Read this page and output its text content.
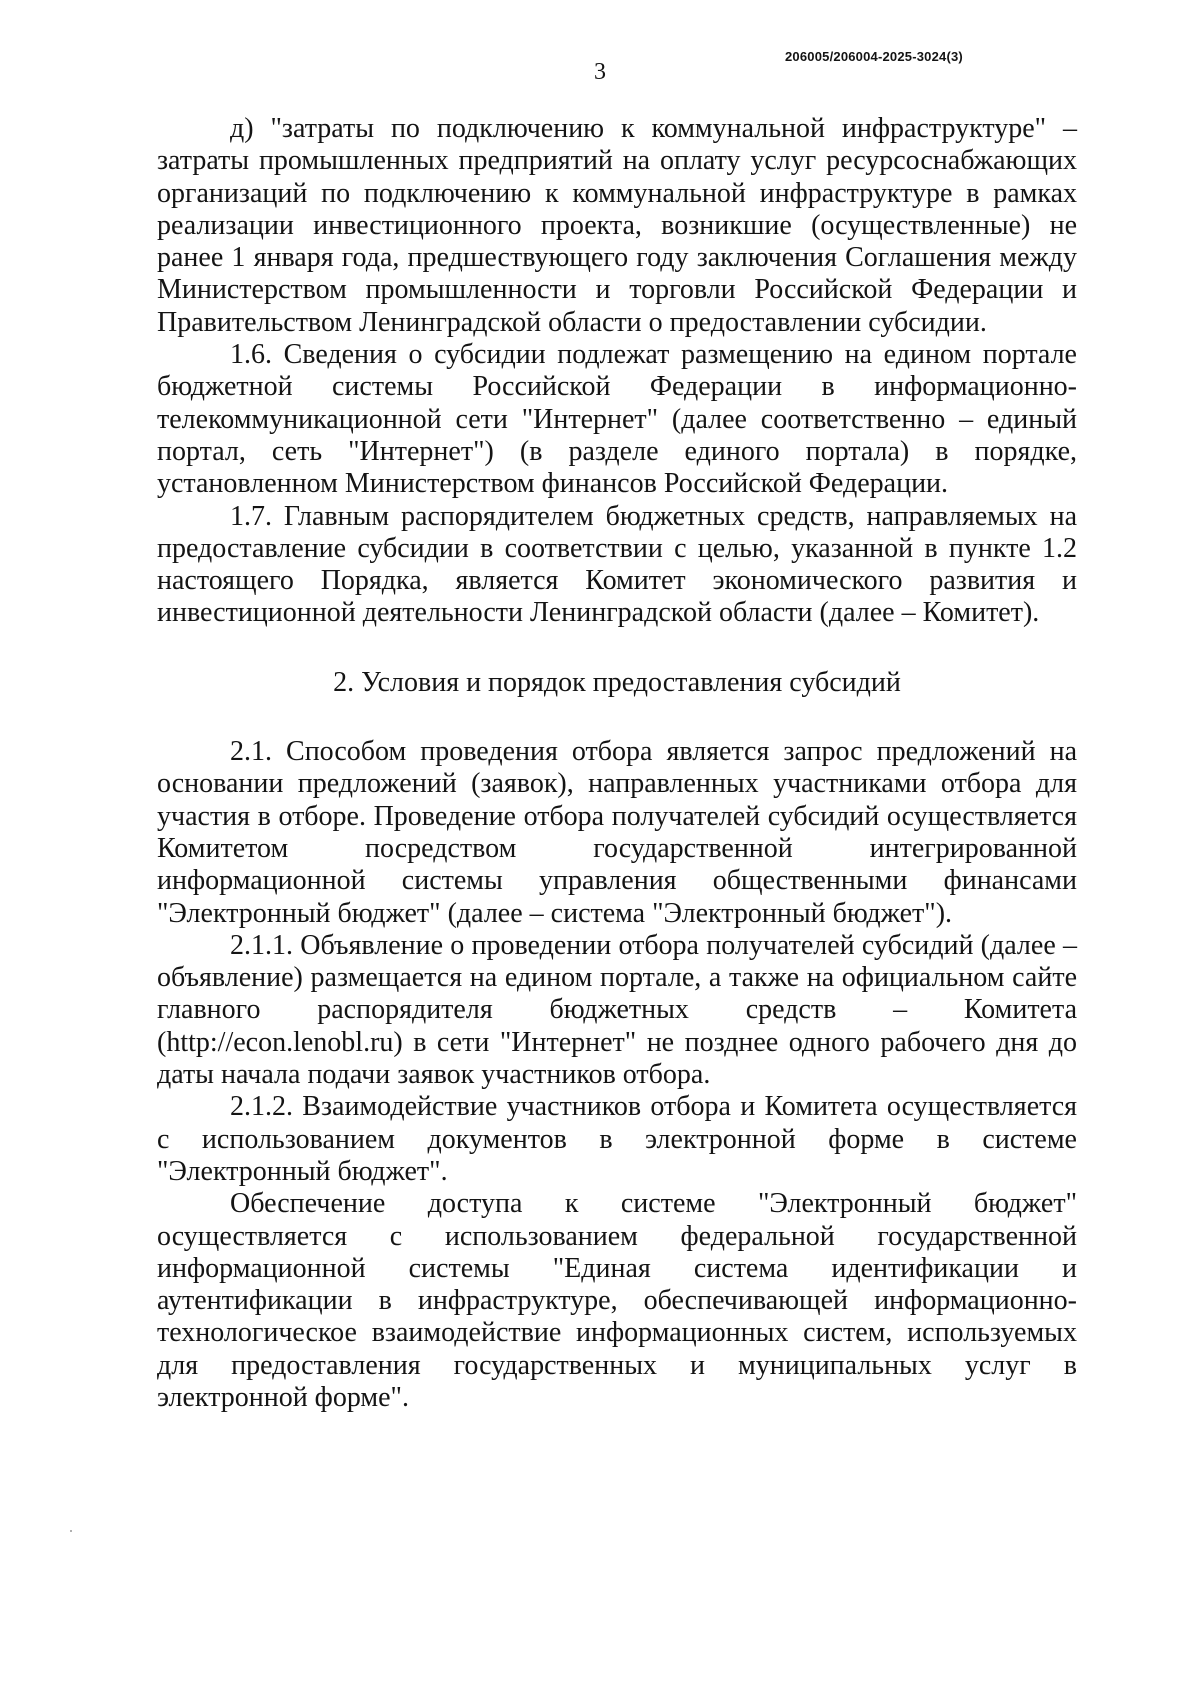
3
206005/206004-2025-3024(3)

д) "затраты по подключению к коммунальной инфраструктуре" – затраты промышленных предприятий на оплату услуг ресурсоснабжающих организаций по подключению к коммунальной инфраструктуре в рамках реализации инвестиционного проекта, возникшие (осуществленные) не ранее 1 января года, предшествующего году заключения Соглашения между Министерством промышленности и торговли Российской Федерации и Правительством Ленинградской области о предоставлении субсидии.

1.6. Сведения о субсидии подлежат размещению на едином портале бюджетной системы Российской Федерации в информационно-телекоммуникационной сети "Интернет" (далее соответственно – единый портал, сеть "Интернет") (в разделе единого портала) в порядке, установленном Министерством финансов Российской Федерации.

1.7. Главным распорядителем бюджетных средств, направляемых на предоставление субсидии в соответствии с целью, указанной в пункте 1.2 настоящего Порядка, является Комитет экономического развития и инвестиционной деятельности Ленинградской области (далее – Комитет).

2. Условия и порядок предоставления субсидий

2.1. Способом проведения отбора является запрос предложений на основании предложений (заявок), направленных участниками отбора для участия в отборе. Проведение отбора получателей субсидий осуществляется Комитетом посредством государственной интегрированной информационной системы управления общественными финансами "Электронный бюджет" (далее – система "Электронный бюджет").

2.1.1. Объявление о проведении отбора получателей субсидий (далее – объявление) размещается на едином портале, а также на официальном сайте главного распорядителя бюджетных средств – Комитета (http://econ.lenobl.ru) в сети "Интернет" не позднее одного рабочего дня до даты начала подачи заявок участников отбора.

2.1.2. Взаимодействие участников отбора и Комитета осуществляется с использованием документов в электронной форме в системе "Электронный бюджет".

Обеспечение доступа к системе "Электронный бюджет" осуществляется с использованием федеральной государственной информационной системы "Единая система идентификации и аутентификации в инфраструктуре, обеспечивающей информационно-технологическое взаимодействие информационных систем, используемых для предоставления государственных и муниципальных услуг в электронной форме".
